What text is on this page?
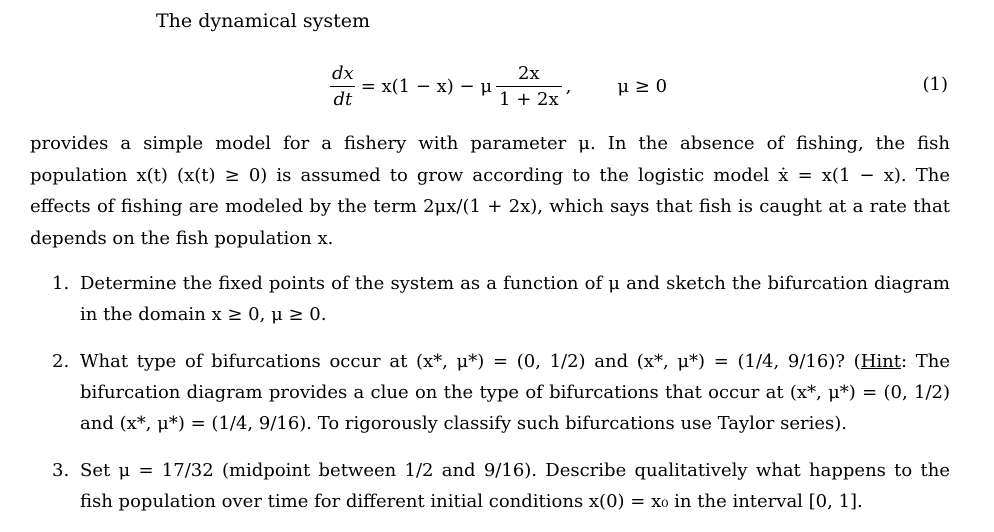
The dynamical system
$\frac{dx}{dt} = x(1 - x) - \mu \frac{2x}{1 + 2x}$ ,	μ ≥ 0	(1)

provides a simple model for a fishery with parameter μ. In the absence of fishing, the fish population x(t) (x(t) ≥ 0) is assumed to grow according to the logistic model ẋ = x(1 − x). The effects of fishing are modeled by the term 2μx/(1 + 2x), which says that fish is caught at a rate that depends on the fish population x.

1. Determine the fixed points of the system as a function of μ and sketch the bifurcation diagram in the domain x ≥ 0, μ ≥ 0.
2. What type of bifurcations occur at (x*, μ*) = (0, 1/2) and (x*, μ*) = (1/4, 9/16)? (Hint: The bifurcation diagram provides a clue on the type of bifurcations that occur at (x*, μ*) = (0, 1/2) and (x*, μ*) = (1/4, 9/16). To rigorously classify such bifurcations use Taylor series).
3. Set μ = 17/32 (midpoint between 1/2 and 9/16). Describe qualitatively what happens to the fish population over time for different initial conditions x(0) = x₀ in the interval [0, 1].
